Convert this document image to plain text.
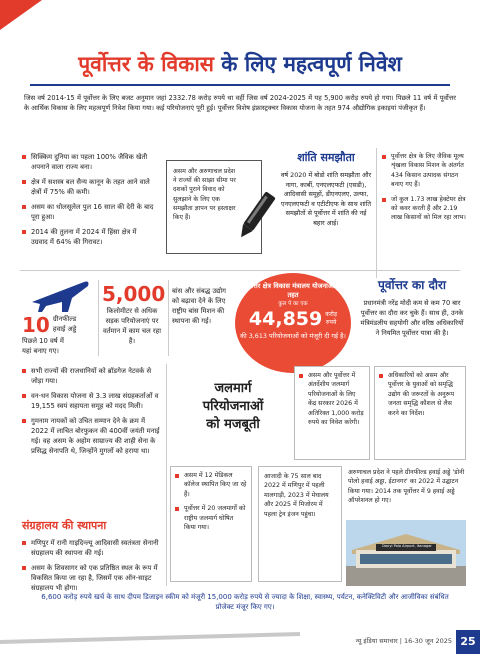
पूर्वोत्तर के विकास के लिए महत्वपूर्ण निवेश
जिस वर्ष 2014-15 में पूर्वोत्तर के लिए बजट अनुमान जहां 2332.78 करोड़ रुपये था वहीं जिस वर्ष 2024-2025 में यह 5,900 करोड़ रुपये हो गया। पिछले 11 वर्ष में पूर्वोत्तर के आर्थिक विकास के लिए महत्वपूर्ण निवेश किया गया। कई परियोजनाएं पूरी हुई। पूर्वोत्तर विशेष इंफ्रास्ट्रक्चर विकास योजना के तहत 974 औद्योगिक इकाइयां पंजीकृत हैं।
सिक्किम दुनिया का पहला 100% जैविक खेती अपनाने वाला राज्य बना।
क्षेत्र में सशस्त्र बल सैन्य कानून के तहत आने वाले क्षेत्रों में 75% की कमी।
असम का धोलसूलेल पुल 16 साल की देरी के बाद पूरा हुआ।
2014 की तुलना में 2024 में हिंसा क्षेत्र में उग्रवाद में 64% की गिरावट।
असम और अरुणाचल प्रदेश ने राज्यों की साझा सीमा पर दशकों पुराने विवाद को सुलझाने के लिए एक समझौता ज्ञापन पर हस्ताक्षर किए हैं।
शांति समझौता
वर्ष 2020 में बोडो शांति समझौता और नागा, कार्बी, एनएलएफटी (एसडी), आदिवासी समूहों, डीएनएलए, उल्फा, एनएलएफटी व एटीटीएफ के साथ शांति समझौतों से पूर्वोत्तर में शांति की नई बहार आई।
पूर्वोत्तर क्षेत्र के लिए जैविक मूल्य शृंखला विकास मिशन के अंतर्गत 434 किसान उत्पादक संगठन बनाए गए हैं।
जो कुल 1.73 लाख हेक्टेयर क्षेत्र को कवर करती हैं और 2.19 लाख किसानों को मिल रहा लाभ।
10 ग्रीनफील्ड
हवाई अड्डे
पिछले 10 वर्ष में
यहां बनाए गए।
5,000
किलोमीटर से अधिक सड़क परियोजनाएं पर वर्तमान में काम चल रहा है।
बांस और संबद्ध उद्योग को बढ़ावा देने के लिए राष्ट्रीय बांस मिशन की स्थापना की गई।
पूर्वोत्तर क्षेत्र विकास मंत्रालय योजनाओं के तहत
कुल पे का एक
44,859 करोड़
रुपये
की 3,613 परियोजनाओं को मंजूरी दी गई है।
पूर्वोत्तर का दौरा
प्रधानमंत्री नरेंद्र मोदी कम से कम 70 बार पूर्वोत्तर का दौरा कर चुके हैं। साथ ही, उनके मंत्रिमंडलीय सहयोगी और वरिष्ठ अधिकारियों ने नियमित पूर्वोत्तर यात्रा की है।
सभी राज्यों की राजधानियों को ब्रॉडगेज नेटवर्क से जोड़ा गया।
वन-धन विकास योजना से 3.3 लाख संग्रहकर्ताओं व 19,155 स्वयं सहायता समूह को मदद मिली।
गुमनाम नायकों को उचित सम्मान देने के क्रम में 2022 में लाचित बोरफुकन की 400वीं जयंती मनाई गई। वह असम के अहोम साम्राज्य की शाही सेना के प्रसिद्ध सेनापति थे, जिन्होंने मुगलों को हराया था।
जलमार्ग
परियोजनाओं
को मजबूती
असम और पूर्वोत्तर में अंतर्देशीय जलमार्ग परियोजनाओं के लिए केंद्र सरकार 2026 में अतिरिक्त 1,000 करोड़ रुपये का निवेश करेगी।
अधिकारियों को असम और पूर्वोत्तर के युवाओं को समृद्धि उद्योग की जरूरतों के अनुरूप जनता समृद्धि कौशल से लैस करने का निर्देश।
संग्रहालय की स्थापना
मणिपुर में रानी गाइदिन्ल्यू आदिवासी स्वतंत्रता सेनानी संग्रहालय की स्थापना की गई।
असम के शिवसागर को एक प्रतिष्ठित स्थल के रूप में विकसित किया जा रहा है, जिसमें एक ऑन-साइट संग्रहालय भी होगा।
असम में 12 मेडिकल कॉलेज स्थापित किए जा रहे हैं।
पूर्वोत्तर में 20 जलमार्गों को राष्ट्रीय जलमार्ग घोषित किया गया।
आजादी के 75 साल बाद 2022 में मणिपुर में पहली मालगाड़ी, 2023 में मेघालय और 2025 में मिजोरम में पहला ट्रेन इंजन पहुंचा।
अरुणाचल प्रदेश ने पहले ग्रीनफील्ड हवाई अड्डे 'डोनी पोलो हवाई अड्डा, ईटानगर' का 2022 में उद्घाटन किया गया। 2014 तक पूर्वोत्तर में 9 हवाई अड्डे ऑपरेशनल हो गए।
Donyi Polo Airport, Itanagar
6,600 करोड़ रुपये खर्च के साथ दीपम डिजाइन स्कीम को मंजूरी 15,000 करोड़ रुपये से ज्यादा के शिक्षा, स्वास्थ्य, पर्यटन, कनेक्टिविटी और आजीविका संबंधित प्रोजेक्ट मंजूर किए गए।
न्यू इंडिया समाचार | 16-30 जून 2025 25
